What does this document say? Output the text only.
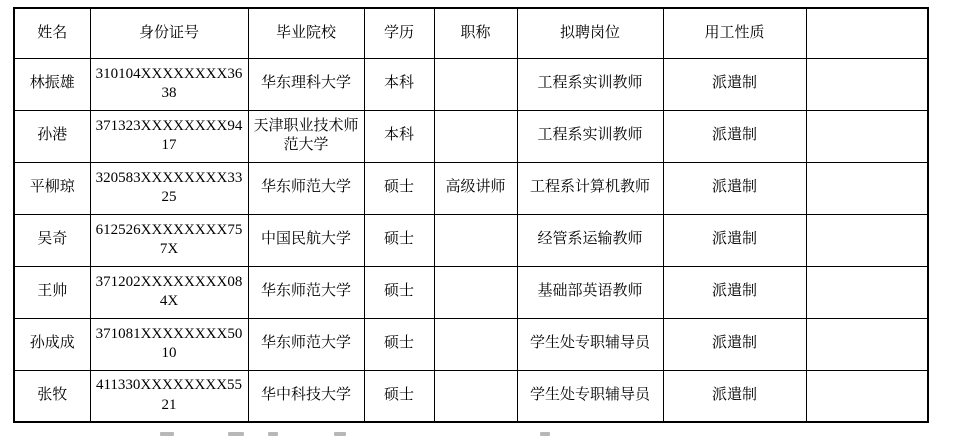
姓名	身份证号	毕业院校	学历	职称	拟聘岗位	用工性质	
林振雄	310104XXXXXXXX3638	华东理科大学	本科		工程系实训教师	派遣制	
孙港	371323XXXXXXXX9417	天津职业技术师范大学	本科		工程系实训教师	派遣制	
平柳琼	320583XXXXXXXX3325	华东师范大学	硕士	高级讲师	工程系计算机教师	派遣制	
吴奇	612526XXXXXXXX757X	中国民航大学	硕士		经管系运输教师	派遣制	
王帅	371202XXXXXXXX084X	华东师范大学	硕士		基础部英语教师	派遣制	
孙成成	371081XXXXXXXX5010	华东师范大学	硕士		学生处专职辅导员	派遣制	
张牧	411330XXXXXXXX5521	华中科技大学	硕士		学生处专职辅导员	派遣制	
